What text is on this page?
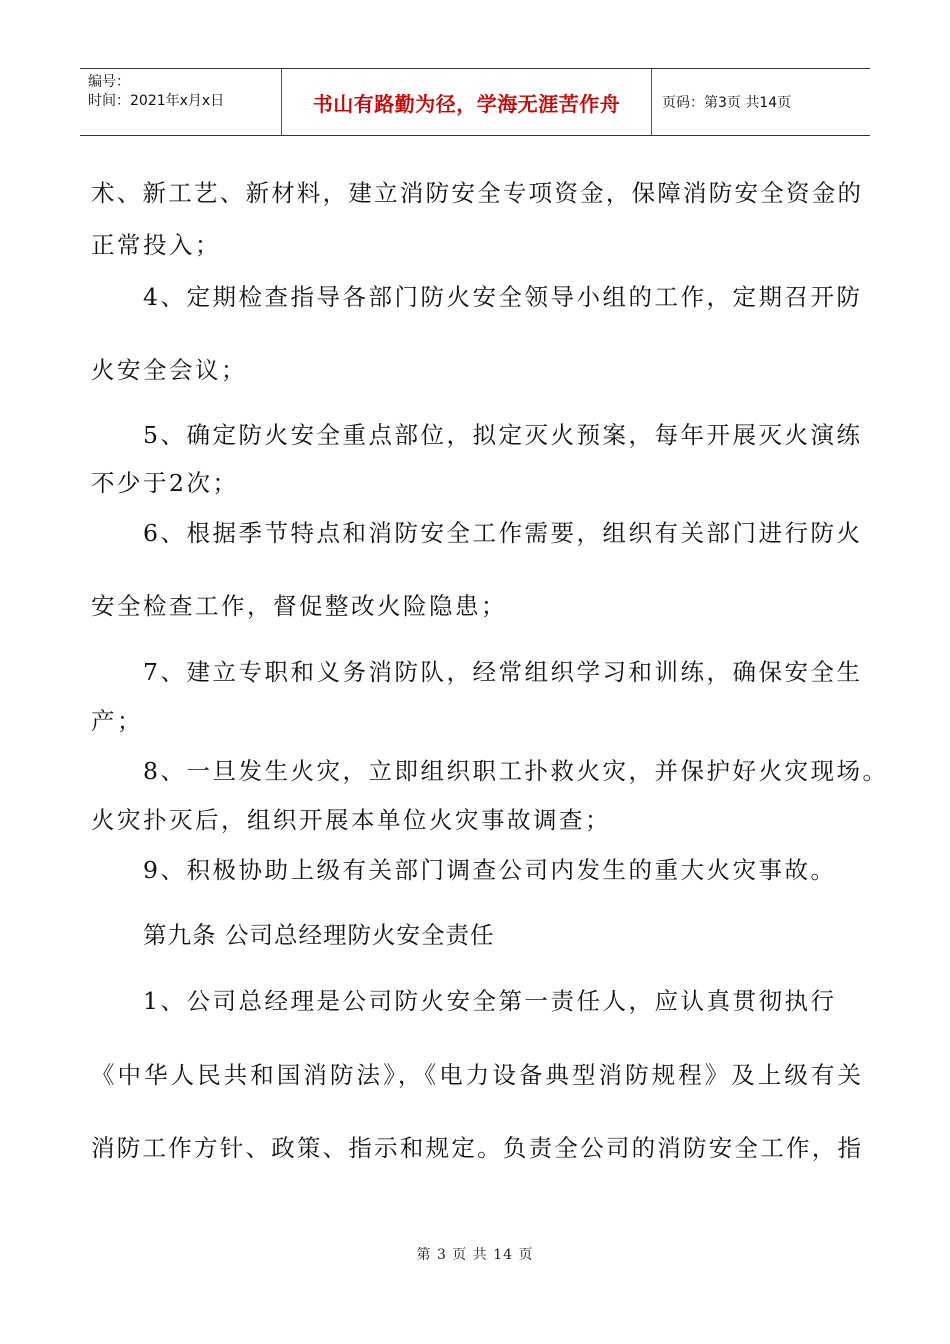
编号：
时间：2021年x月x日	书山有路勤为径，学海无涯苦作舟	页码：第3页 共14页
术、新工艺、新材料，建立消防安全专项资金，保障消防安全资金的
正常投入；
4、定期检查指导各部门防火安全领导小组的工作，定期召开防
火安全会议；
5、确定防火安全重点部位，拟定灭火预案，每年开展灭火演练
不少于2次；
6、根据季节特点和消防安全工作需要，组织有关部门进行防火
安全检查工作，督促整改火险隐患；
7、建立专职和义务消防队，经常组织学习和训练，确保安全生
产；
8、一旦发生火灾，立即组织职工扑救火灾，并保护好火灾现场。
火灾扑灭后，组织开展本单位火灾事故调查；
9、积极协助上级有关部门调查公司内发生的重大火灾事故。
第九条 公司总经理防火安全责任
1、公司总经理是公司防火安全第一责任人，应认真贯彻执行
《中华人民共和国消防法》，《电力设备典型消防规程》及上级有关
消防工作方针、政策、指示和规定。负责全公司的消防安全工作，指
第 3 页 共 14 页
